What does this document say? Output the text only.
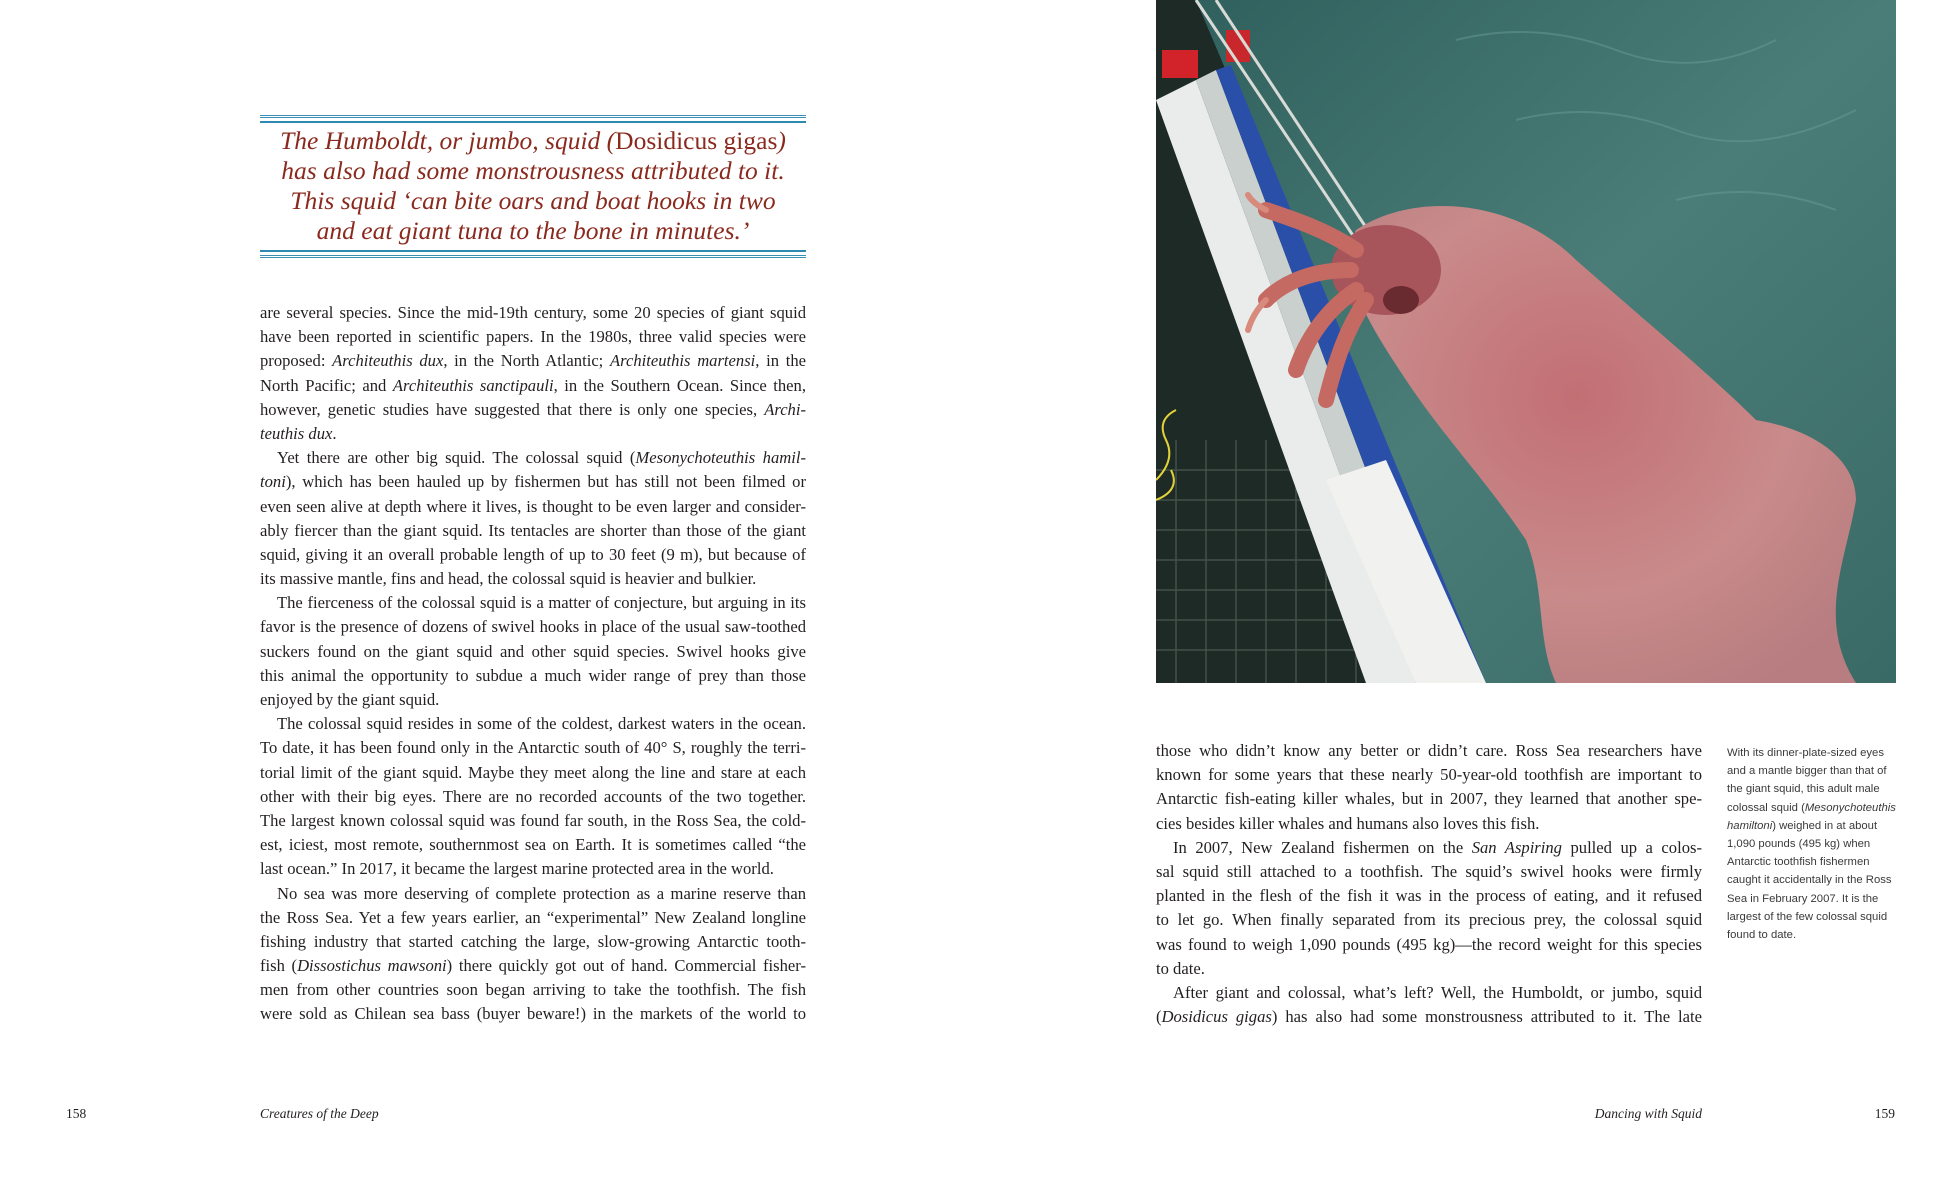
The Humboldt, or jumbo, squid (Dosidicus gigas)
has also had some monstrousness attributed to it.
This squid ‘can bite oars and boat hooks in two
and eat giant tuna to the bone in minutes.’
are several species. Since the mid-19th century, some 20 species of giant squid
have been reported in scientific papers. In the 1980s, three valid species were
proposed: Architeuthis dux, in the North Atlantic; Architeuthis martensi, in the
North Pacific; and Architeuthis sanctipauli, in the Southern Ocean. Since then,
however, genetic studies have suggested that there is only one species, Archi-
teuthis dux.
Yet there are other big squid. The colossal squid (Mesonychoteuthis hamil-
toni), which has been hauled up by fishermen but has still not been filmed or
even seen alive at depth where it lives, is thought to be even larger and consider-
ably fiercer than the giant squid. Its tentacles are shorter than those of the giant
squid, giving it an overall probable length of up to 30 feet (9 m), but because of
its massive mantle, fins and head, the colossal squid is heavier and bulkier.
The fierceness of the colossal squid is a matter of conjecture, but arguing in its
favor is the presence of dozens of swivel hooks in place of the usual saw-toothed
suckers found on the giant squid and other squid species. Swivel hooks give
this animal the opportunity to subdue a much wider range of prey than those
enjoyed by the giant squid.
The colossal squid resides in some of the coldest, darkest waters in the ocean.
To date, it has been found only in the Antarctic south of 40° S, roughly the terri-
torial limit of the giant squid. Maybe they meet along the line and stare at each
other with their big eyes. There are no recorded accounts of the two together.
The largest known colossal squid was found far south, in the Ross Sea, the cold-
est, iciest, most remote, southernmost sea on Earth. It is sometimes called “the
last ocean.” In 2017, it became the largest marine protected area in the world.
No sea was more deserving of complete protection as a marine reserve than
the Ross Sea. Yet a few years earlier, an “experimental” New Zealand longline
fishing industry that started catching the large, slow-growing Antarctic tooth-
fish (Dissostichus mawsoni) there quickly got out of hand. Commercial fisher-
men from other countries soon began arriving to take the toothfish. The fish
were sold as Chilean sea bass (buyer beware!) in the markets of the world to
those who didn’t know any better or didn’t care. Ross Sea researchers have
known for some years that these nearly 50-year-old toothfish are important to
Antarctic fish-eating killer whales, but in 2007, they learned that another spe-
cies besides killer whales and humans also loves this fish.
In 2007, New Zealand fishermen on the San Aspiring pulled up a colos-
sal squid still attached to a toothfish. The squid’s swivel hooks were firmly
planted in the flesh of the fish it was in the process of eating, and it refused
to let go. When finally separated from its precious prey, the colossal squid
was found to weigh 1,090 pounds (495 kg)—the record weight for this species
to date.
After giant and colossal, what’s left? Well, the Humboldt, or jumbo, squid
(Dosidicus gigas) has also had some monstrousness attributed to it. The late
With its dinner-plate-sized eyes
and a mantle bigger than that of
the giant squid, this adult male
colossal squid (Mesonychoteuthis
hamiltoni) weighed in at about
1,090 pounds (495 kg) when
Antarctic toothfish fishermen
caught it accidentally in the Ross
Sea in February 2007. It is the
largest of the few colossal squid
found to date.
158	Creatures of the Deep	Dancing with Squid	159
